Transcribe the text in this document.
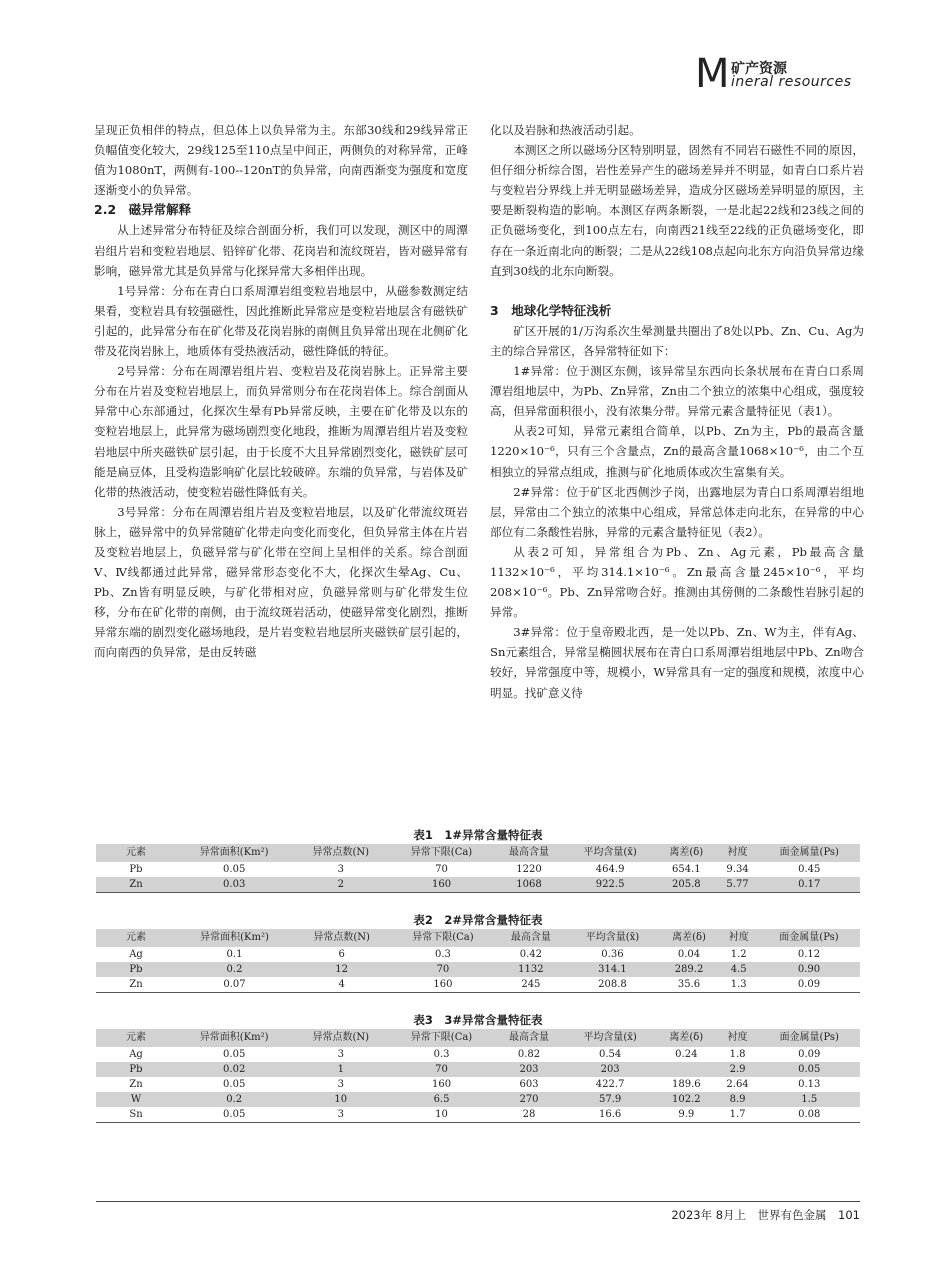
M 矿产资源
ineral resources

呈现正负相伴的特点，但总体上以负异常为主。东部30线和29线异常正负幅值变化较大，29线125至110点呈中间正，两侧负的对称异常，正峰值为1080nT，两侧有-100--120nT的负异常，向南西渐变为强度和宽度逐渐变小的负异常。

2.2　磁异常解释

从上述异常分布特征及综合剖面分析，我们可以发现，测区中的周潭岩组片岩和变粒岩地层、铅锌矿化带、花岗岩和流纹斑岩，皆对磁异常有影响，磁异常尤其是负异常与化探异常大多相伴出现。

1号异常：分布在青白口系周潭岩组变粒岩地层中，从磁参数测定结果看，变粒岩具有较强磁性，因此推断此异常应是变粒岩地层含有磁铁矿引起的，此异常分布在矿化带及花岗岩脉的南侧且负异常出现在北侧矿化带及花岗岩脉上，地质体有受热液活动，磁性降低的特征。

2号异常：分布在周潭岩组片岩、变粒岩及花岗岩脉上。正异常主要分布在片岩及变粒岩地层上，而负异常则分布在花岗岩体上。综合剖面从异常中心东部通过，化探次生晕有Pb异常反映，主要在矿化带及以东的变粒岩地层上，此异常为磁场剧烈变化地段，推断为周潭岩组片岩及变粒岩地层中所夹磁铁矿层引起，由于长度不大且异常剧烈变化，磁铁矿层可能是扁豆体，且受构造影响矿化层比较破碎。东端的负异常，与岩体及矿化带的热液活动，使变粒岩磁性降低有关。

3号异常：分布在周潭岩组片岩及变粒岩地层，以及矿化带流纹斑岩脉上，磁异常中的负异常随矿化带走向变化而变化，但负异常主体在片岩及变粒岩地层上，负磁异常与矿化带在空间上呈相伴的关系。综合剖面Ⅴ、Ⅳ线都通过此异常，磁异常形态变化不大，化探次生晕Ag、Cu、Pb、Zn皆有明显反映，与矿化带相对应，负磁异常则与矿化带发生位移，分布在矿化带的南侧，由于流纹斑岩活动，使磁异常变化剧烈，推断异常东端的剧烈变化磁场地段，是片岩变粒岩地层所夹磁铁矿层引起的，而向南西的负异常，是由反转磁

化以及岩脉和热液活动引起。

本测区之所以磁场分区特别明显，固然有不同岩石磁性不同的原因，但仔细分析综合图，岩性差异产生的磁场差异并不明显，如青白口系片岩与变粒岩分界线上并无明显磁场差异，造成分区磁场差异明显的原因，主要是断裂构造的影响。本测区存两条断裂，一是北起22线和23线之间的正负磁场变化，到100点左右，向南西21线至22线的正负磁场变化，即存在一条近南北向的断裂；二是从22线108点起向北东方向沿负异常边缘直到30线的北东向断裂。

3　地球化学特征浅析

矿区开展的1/万沟系次生晕测量共圈出了8处以Pb、Zn、Cu、Ag为主的综合异常区，各异常特征如下：

1#异常：位于测区东侧，该异常呈东西向长条状展布在青白口系周潭岩组地层中，为Pb、Zn异常，Zn由二个独立的浓集中心组成，强度较高，但异常面积很小，没有浓集分带。异常元素含量特征见（表1）。

从表2可知，异常元素组合简单，以Pb、Zn为主，Pb的最高含量1220×10⁻⁶，只有三个含量点，Zn的最高含量1068×10⁻⁶，由二个互相独立的异常点组成，推测与矿化地质体或次生富集有关。

2#异常：位于矿区北西侧沙子岗，出露地层为青白口系周潭岩组地层，异常由二个独立的浓集中心组成，异常总体走向北东，在异常的中心部位有二条酸性岩脉，异常的元素含量特征见（表2）。

从表2可知，异常组合为Pb、Zn、Ag元素，Pb最高含量1132×10⁻⁶，平均314.1×10⁻⁶。Zn最高含量245×10⁻⁶，平均208×10⁻⁶。Pb、Zn异常吻合好。推测由其傍侧的二条酸性岩脉引起的异常。

3#异常：位于皇帝殿北西，是一处以Pb、Zn、W为主，伴有Ag、Sn元素组合，异常呈椭圆状展布在青白口系周潭岩组地层中Pb、Zn吻合较好，异常强度中等，规模小，W异常具有一定的强度和规模，浓度中心明显。找矿意义待

表1　1#异常含量特征表
元素	异常面积(Km²)	异常点数(N)	异常下限(Ca)	最高含量	平均含量(x̄)	离差(δ)	衬度	面金属量(Ps)
Pb	0.05	3	70	1220	464.9	654.1	9.34	0.45
Zn	0.03	2	160	1068	922.5	205.8	5.77	0.17
表2　2#异常含量特征表
元素	异常面积(Km²)	异常点数(N)	异常下限(Ca)	最高含量	平均含量(x̄)	离差(δ)	衬度	面金属量(Ps)
Ag	0.1	6	0.3	0.42	0.36	0.04	1.2	0.12
Pb	0.2	12	70	1132	314.1	289.2	4.5	0.90
Zn	0.07	4	160	245	208.8	35.6	1.3	0.09
表3　3#异常含量特征表
元素	异常面积(Km²)	异常点数(N)	异常下限(Ca)	最高含量	平均含量(x̄)	离差(δ)	衬度	面金属量(Ps)
Ag	0.05	3	0.3	0.82	0.54	0.24	1.8	0.09
Pb	0.02	1	70	203	203		2.9	0.05
Zn	0.05	3	160	603	422.7	189.6	2.64	0.13
W	0.2	10	6.5	270	57.9	102.2	8.9	1.5
Sn	0.05	3	10	28	16.6	9.9	1.7	0.08
2023年 8月上　世界有色金属　101
